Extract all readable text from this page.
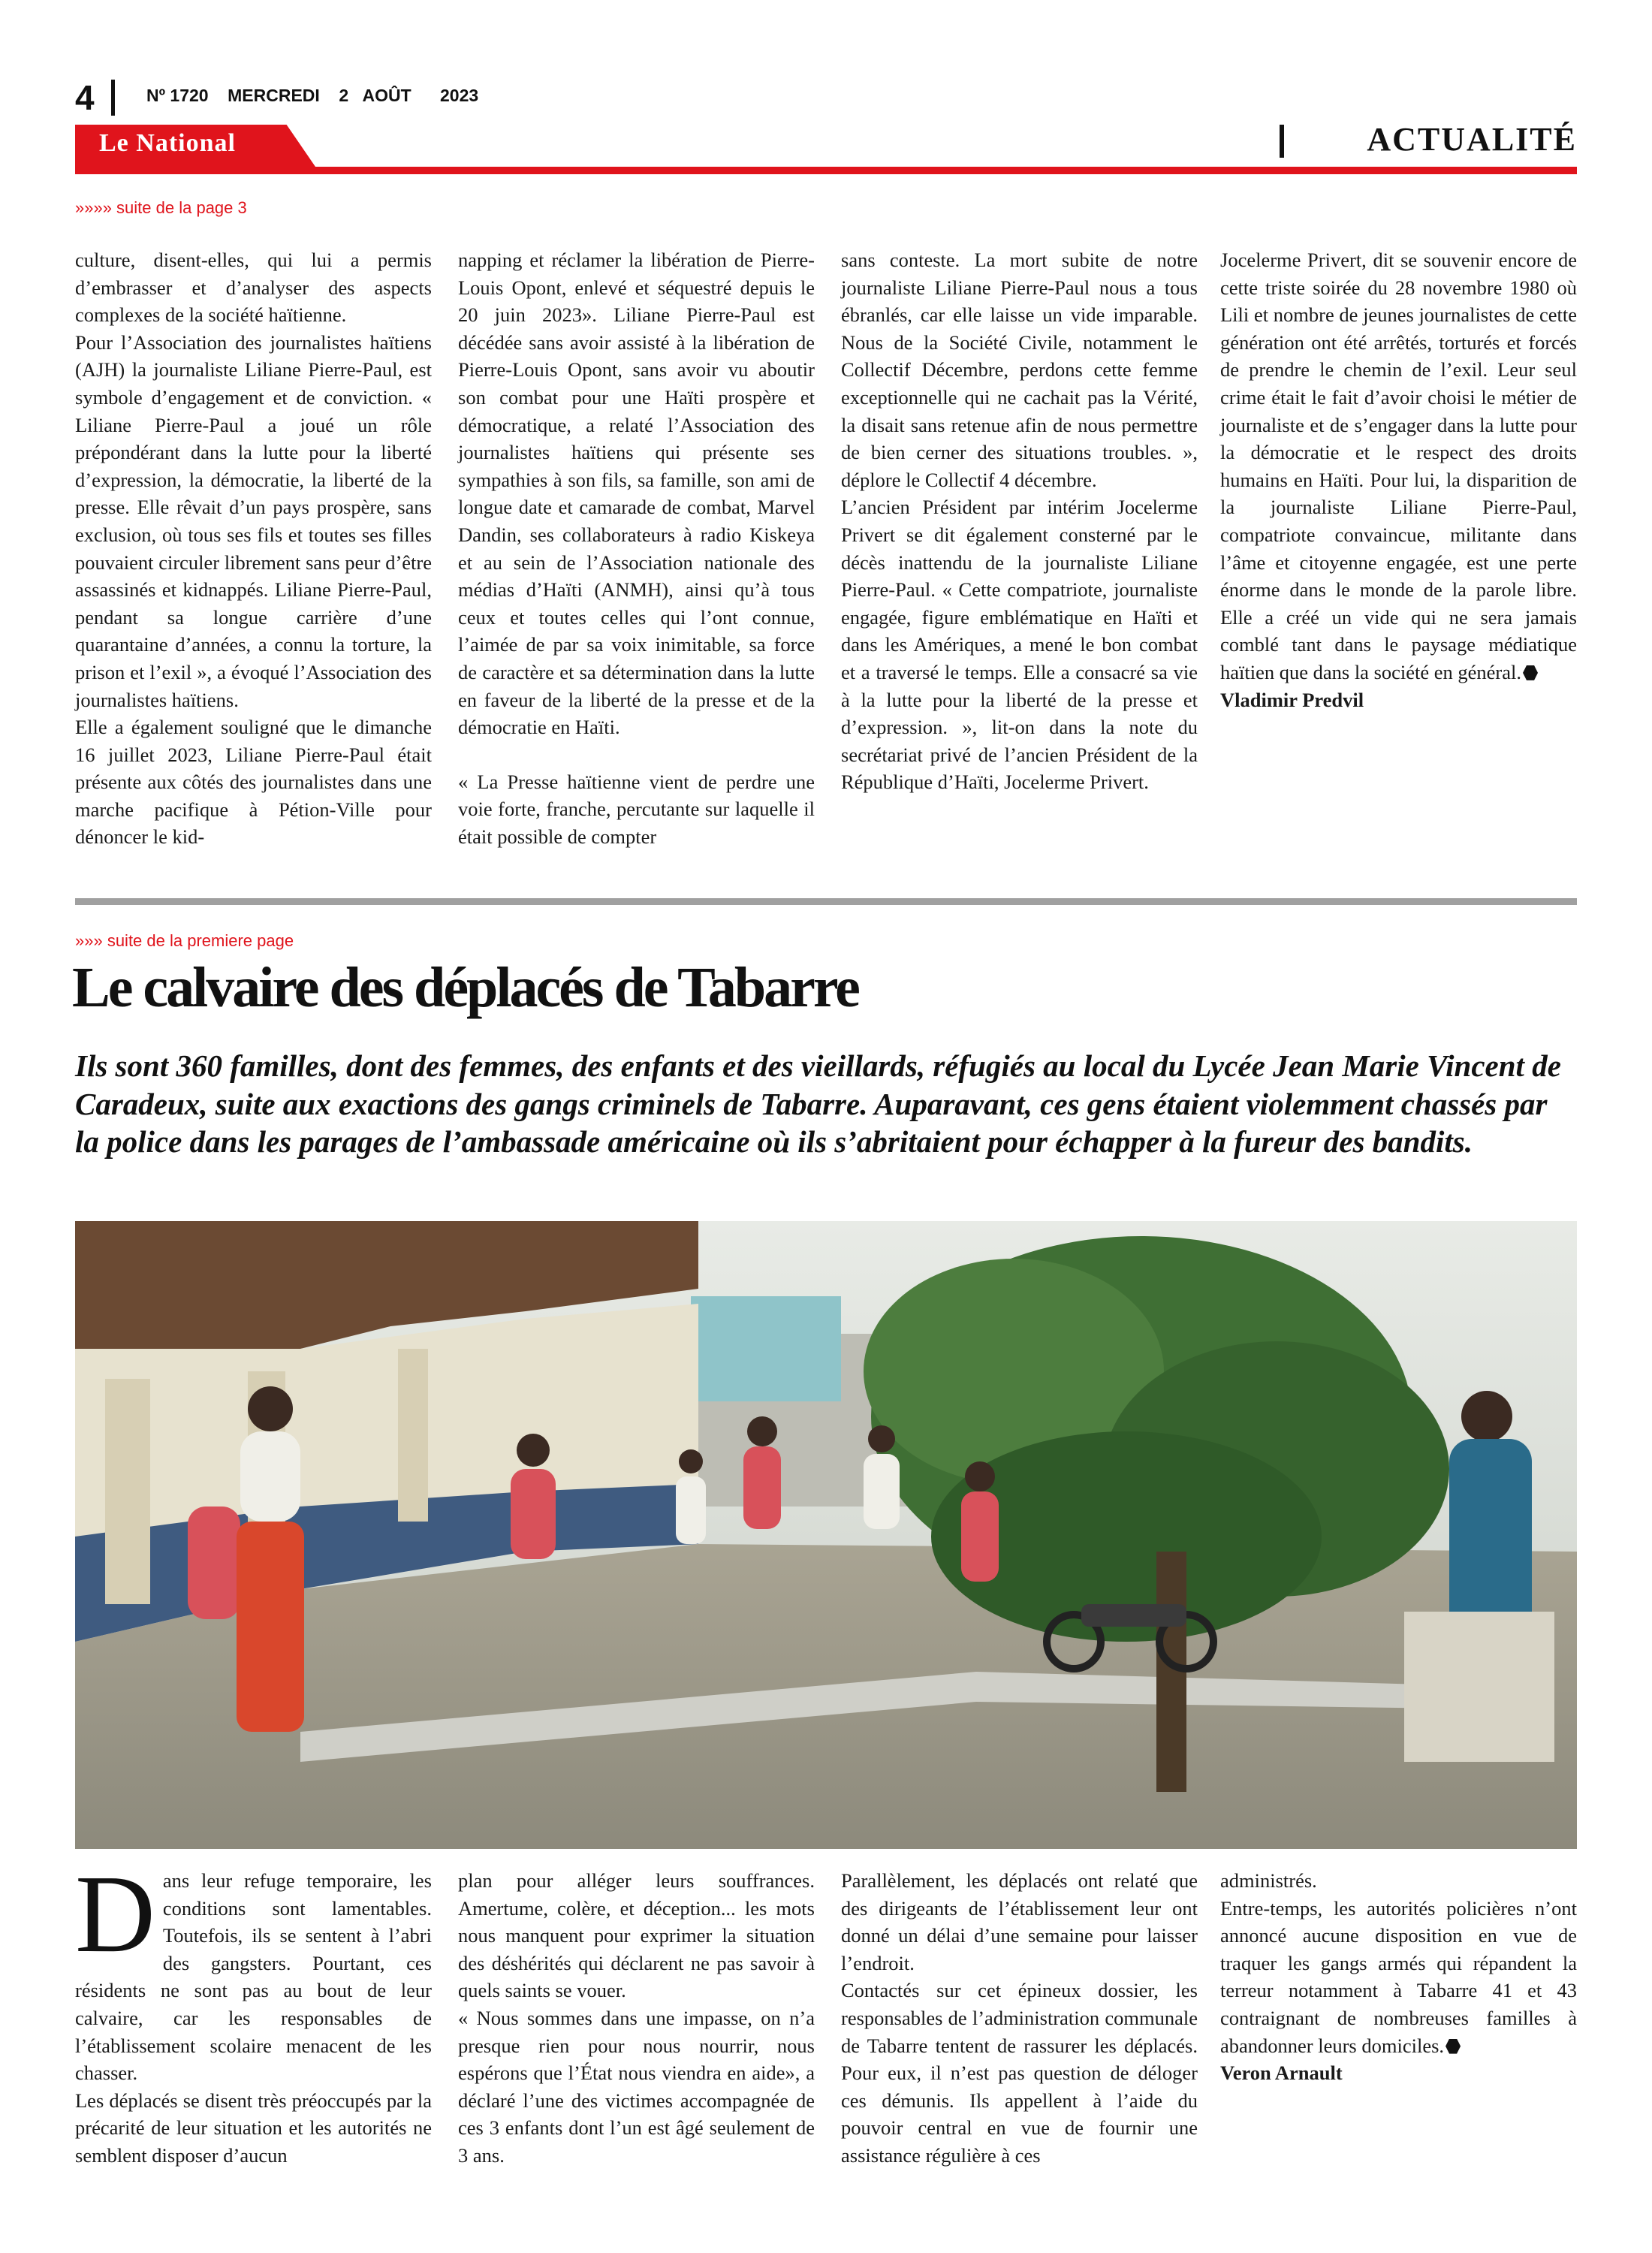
4	Nº 1720 MERCREDI 2 AOÛT 2023
Le National	ACTUALITÉ
»»»» suite de la page 3

culture, disent-elles, qui lui a permis d’embrasser et d’analyser des aspects complexes de la société haïtienne.

Pour l’Association des journalistes haïtiens (AJH) la journaliste Liliane Pierre-Paul, est symbole d’engagement et de conviction. « Liliane Pierre-Paul a joué un rôle prépondérant dans la lutte pour la liberté d’expression, la démocratie, la liberté de la presse. Elle rêvait d’un pays prospère, sans exclusion, où tous ses fils et toutes ses filles pouvaient circuler librement sans peur d’être assassinés et kidnappés. Liliane Pierre-Paul, pendant sa longue carrière d’une quarantaine d’années, a connu la torture, la prison et l’exil », a évoqué l’Association des journalistes haïtiens.

Elle a également souligné que le dimanche 16 juillet 2023, Liliane Pierre-Paul était présente aux côtés des journalistes dans une marche pacifique à Pétion-Ville pour dénoncer le kid-

napping et réclamer la libération de Pierre-Louis Opont, enlevé et séquestré depuis le 20 juin 2023». Liliane Pierre-Paul est décédée sans avoir assisté à la libération de Pierre-Louis Opont, sans avoir vu aboutir son combat pour une Haïti prospère et démocratique, a relaté l’Association des journalistes haïtiens qui présente ses sympathies à son fils, sa famille, son ami de longue date et camarade de combat, Marvel Dandin, ses collaborateurs à radio Kiskeya et au sein de l’Association nationale des médias d’Haïti (ANMH), ainsi qu’à tous ceux et toutes celles qui l’ont connue, l’aimée de par sa voix inimitable, sa force de caractère et sa détermination dans la lutte en faveur de la liberté de la presse et de la démocratie en Haïti.

« La Presse haïtienne vient de perdre une voie forte, franche, percutante sur laquelle il était possible de compter

sans conteste. La mort subite de notre journaliste Liliane Pierre-Paul nous a tous ébranlés, car elle laisse un vide imparable. Nous de la Société Civile, notamment le Collectif Décembre, perdons cette femme exceptionnelle qui ne cachait pas la Vérité, la disait sans retenue afin de nous permettre de bien cerner des situations troubles. », déplore le Collectif 4 décembre.

L’ancien Président par intérim Jocelerme Privert se dit également consterné par le décès inattendu de la journaliste Liliane Pierre-Paul. « Cette compatriote, journaliste engagée, figure emblématique en Haïti et dans les Amériques, a mené le bon combat et a traversé le temps. Elle a consacré sa vie à la lutte pour la liberté de la presse et d’expression. », lit-on dans la note du secrétariat privé de l’ancien Président de la République d’Haïti, Jocelerme Privert.

Jocelerme Privert, dit se souvenir encore de cette triste soirée du 28 novembre 1980 où Lili et nombre de jeunes journalistes de cette génération ont été arrêtés, torturés et forcés de prendre le chemin de l’exil. Leur seul crime était le fait d’avoir choisi le métier de journaliste et de s’engager dans la lutte pour la démocratie et le respect des droits humains en Haïti. Pour lui, la disparition de la journaliste Liliane Pierre-Paul, compatriote convaincue, militante dans l’âme et citoyenne engagée, est une perte énorme dans le monde de la parole libre. Elle a créé un vide qui ne sera jamais comblé tant dans le paysage médiatique haïtien que dans la société en général.

Vladimir Predvil

»»» suite de la premiere page
Le calvaire des déplacés de Tabarre

Ils sont 360 familles, dont des femmes, des enfants et des vieillards, réfugiés au local du Lycée Jean Marie Vincent de Caradeux, suite aux exactions des gangs criminels de Tabarre. Auparavant, ces gens étaient violemment chassés par la police dans les parages de l’ambassade américaine où ils s’abritaient pour échapper à la fureur des bandits.

Dans leur refuge temporaire, les conditions sont lamentables. Toutefois, ils se sentent à l’abri des gangsters. Pourtant, ces résidents ne sont pas au bout de leur calvaire, car les responsables de l’établissement scolaire menacent de les chasser.

Les déplacés se disent très préoccupés par la précarité de leur situation et les autorités ne semblent disposer d’aucun

plan pour alléger leurs souffrances. Amertume, colère, et déception... les mots nous manquent pour exprimer la situation des déshérités qui déclarent ne pas savoir à quels saints se vouer.

« Nous sommes dans une impasse, on n’a presque rien pour nous nourrir, nous espérons que l’État nous viendra en aide», a déclaré l’une des victimes accompagnée de ces 3 enfants dont l’un est âgé seulement de 3 ans.

Parallèlement, les déplacés ont relaté que des dirigeants de l’établissement leur ont donné un délai d’une semaine pour laisser l’endroit.

Contactés sur cet épineux dossier, les responsables de l’administration communale de Tabarre tentent de rassurer les déplacés. Pour eux, il n’est pas question de déloger ces démunis. Ils appellent à l’aide du pouvoir central en vue de fournir une assistance régulière à ces

administrés.

Entre-temps, les autorités policières n’ont annoncé aucune disposition en vue de traquer les gangs armés qui répandent la terreur notamment à Tabarre 41 et 43 contraignant de nombreuses familles à abandonner leurs domiciles.

Veron Arnault
